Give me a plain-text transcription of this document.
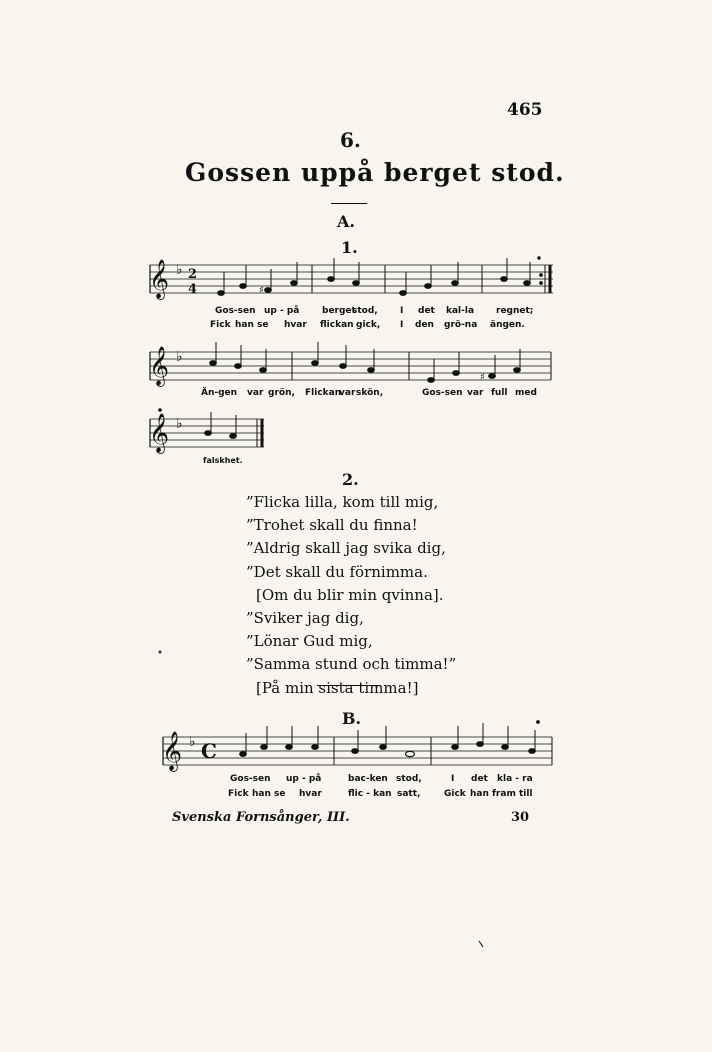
465
6.
Gossen uppå berget stod.
A.
1.
𝄞 ♭ 2
4	♯
𝄞 ♭
♯
𝄞 ♭
𝄞 ♭ C
Gos-sen up - på	berget
stod, I det kal-la regnet;
Fick han se hvar flickan gick, I den grö-na ängen.
Än-gen var grön, Flickan
var skön,	Gos-sen var full med
falskhet.
2.
”Flicka lilla, kom till mig,
”Trohet skall du finna!
”Aldrig skall jag svika dig,
”Det skall du förnimma.
[Om du blir min qvinna].
”Sviker jag dig,
”Lönar Gud mig,
”Samma stund och timma!”
[På min sista timma!]
B.
Gos-sen up - på	bac-ken stod,	I det kla - ra
Fick han se hvar	flic - kan satt,	Gick han fram till
Svenska Fornsånger, III.	30
